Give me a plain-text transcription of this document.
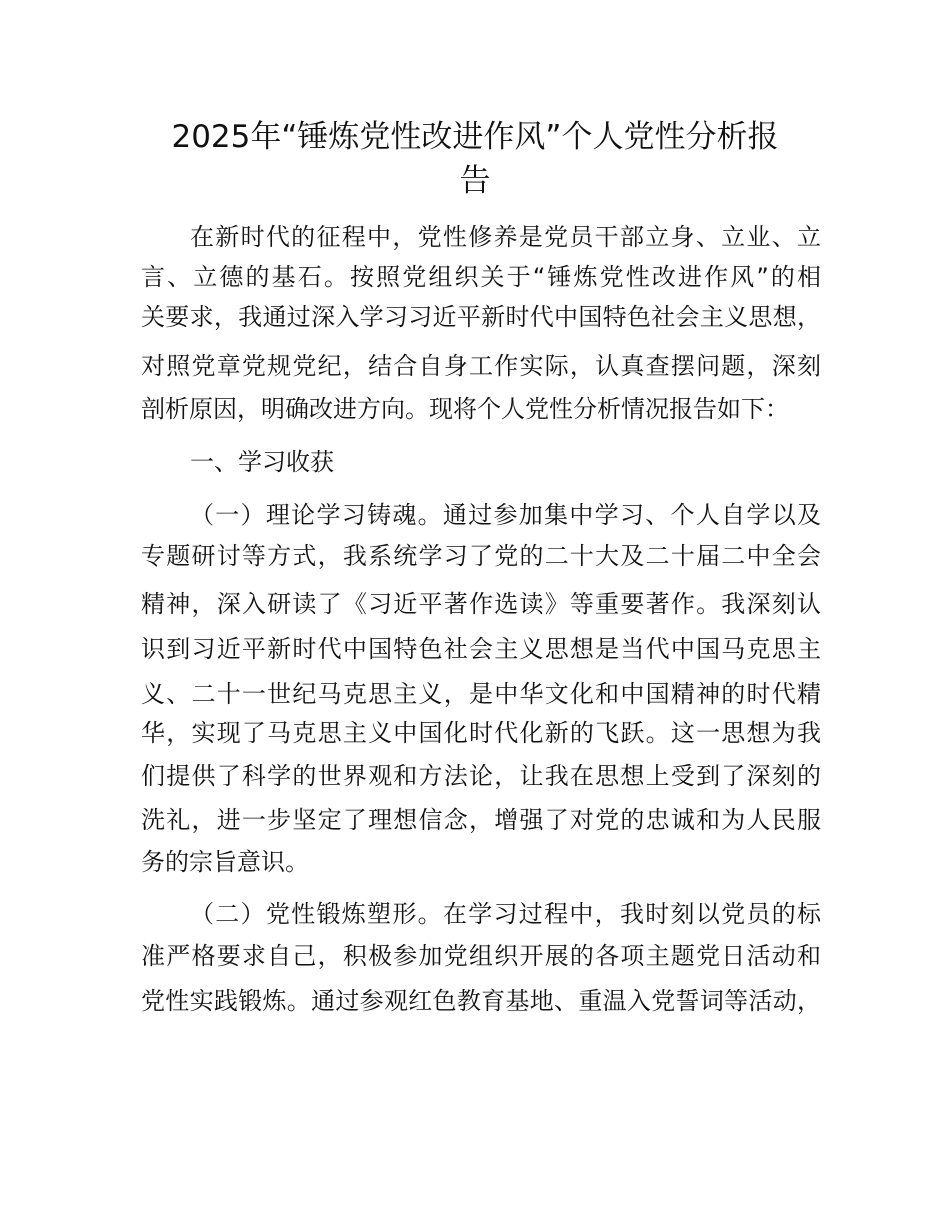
2025年“锤炼党性改进作风”个人党性分析报
告
在新时代的征程中，党性修养是党员干部立身、立业、立
言、立德的基石。按照党组织关于“锤炼党性改进作风”的相
关要求，我通过深入学习习近平新时代中国特色社会主义思想，
对照党章党规党纪，结合自身工作实际，认真查摆问题，深刻
剖析原因，明确改进方向。现将个人党性分析情况报告如下：
一、学习收获
（一）理论学习铸魂。通过参加集中学习、个人自学以及
专题研讨等方式，我系统学习了党的二十大及二十届二中全会
精神，深入研读了《习近平著作选读》等重要著作。我深刻认
识到习近平新时代中国特色社会主义思想是当代中国马克思主
义、二十一世纪马克思主义，是中华文化和中国精神的时代精
华，实现了马克思主义中国化时代化新的飞跃。这一思想为我
们提供了科学的世界观和方法论，让我在思想上受到了深刻的
洗礼，进一步坚定了理想信念，增强了对党的忠诚和为人民服
务的宗旨意识。
（二）党性锻炼塑形。在学习过程中，我时刻以党员的标
准严格要求自己，积极参加党组织开展的各项主题党日活动和
党性实践锻炼。通过参观红色教育基地、重温入党誓词等活动，
